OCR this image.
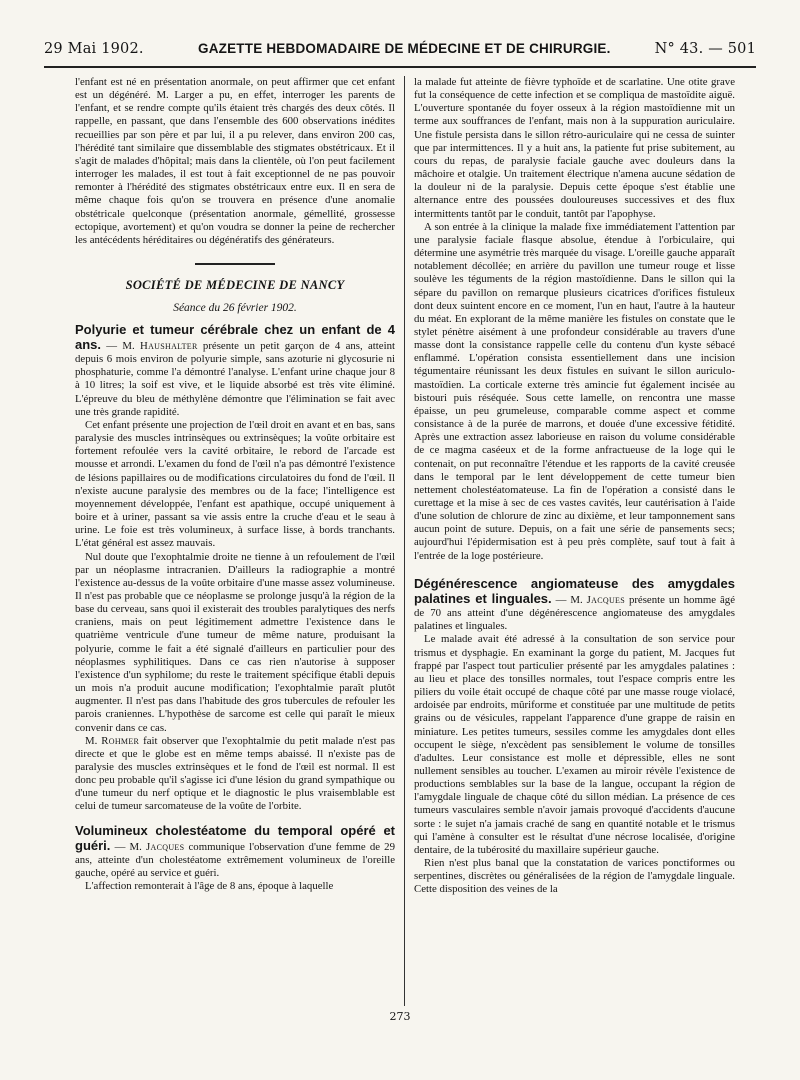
29 Mai 1902.	GAZETTE HEBDOMADAIRE DE MÉDECINE ET DE CHIRURGIE.	N° 43. — 501

l'enfant est né en présentation anormale, on peut affirmer que cet enfant est un dégénéré. M. Larger a pu, en effet, interroger les parents de l'enfant, et se rendre compte qu'ils étaient très chargés des deux côtés. Il rappelle, en passant, que dans l'ensemble des 600 observations inédites recueillies par son père et par lui, il a pu relever, dans environ 200 cas, l'hérédité tant similaire que dissemblable des stigmates obstétricaux. Et il s'agit de malades d'hôpital; mais dans la clientèle, où l'on peut facilement interroger les malades, il est tout à fait exceptionnel de ne pas pouvoir remonter à l'hérédité des stigmates obstétricaux entre eux. Il en sera de même chaque fois qu'on se trouvera en présence d'une anomalie obstétricale quelconque (présentation anormale, gémellité, grossesse ectopique, avortement) et qu'on voudra se donner la peine de rechercher les antécédents héréditaires ou dégénératifs des générateurs.

SOCIÉTÉ DE MÉDECINE DE NANCY
Séance du 26 février 1902.

Polyurie et tumeur cérébrale chez un enfant de 4 ans. — M. Haushalter présente un petit garçon de 4 ans, atteint depuis 6 mois environ de polyurie simple, sans azoturie ni glycosurie ni phosphaturie, comme l'a démontré l'analyse. L'enfant urine chaque jour 8 à 10 litres; la soif est vive, et le liquide absorbé est très vite éliminé. L'épreuve du bleu de méthylène démontre que l'élimination se fait avec une très grande rapidité.

Cet enfant présente une projection de l'œil droit en avant et en bas, sans paralysie des muscles intrinsèques ou extrinsèques; la voûte orbitaire est fortement refoulée vers la cavité orbitaire, le rebord de l'arcade est mousse et arrondi. L'examen du fond de l'œil n'a pas démontré l'existence de lésions papillaires ou de modifications circulatoires du fond de l'œil. Il n'existe aucune paralysie des membres ou de la face; l'intelligence est moyennement développée, l'enfant est apathique, occupé uniquement à boire et à uriner, passant sa vie assis entre la cruche d'eau et le seau à urine. Le foie est très volumineux, à surface lisse, à bords tranchants. L'état général est assez mauvais.

Nul doute que l'exophtalmie droite ne tienne à un refoulement de l'œil par un néoplasme intracranien. D'ailleurs la radiographie a montré l'existence au-dessus de la voûte orbitaire d'une masse assez volumineuse. Il n'est pas probable que ce néoplasme se prolonge jusqu'à la région de la base du cerveau, sans quoi il existerait des troubles paralytiques des nerfs craniens, mais on peut légitimement admettre l'existence dans le quatrième ventricule d'une tumeur de même nature, produisant la polyurie, comme le fait a été signalé d'ailleurs en particulier pour des néoplasmes syphilitiques. Dans ce cas rien n'autorise à supposer l'existence d'un syphilome; du reste le traitement spécifique établi depuis un mois n'a produit aucune modification; l'exophtalmie paraît plutôt augmenter. Il n'est pas dans l'habitude des gros tubercules de refouler les parois craniennes. L'hypothèse de sarcome est celle qui paraît le mieux convenir dans ce cas.

M. Rohmer fait observer que l'exophtalmie du petit malade n'est pas directe et que le globe est en même temps abaissé. Il n'existe pas de paralysie des muscles extrinsèques et le fond de l'œil est normal. Il est donc peu probable qu'il s'agisse ici d'une lésion du grand sympathique ou d'une tumeur du nerf optique et le diagnostic le plus vraisemblable est celui de tumeur sarcomateuse de la voûte de l'orbite.

Volumineux cholestéatome du temporal opéré et guéri. — M. Jacques communique l'observation d'une femme de 29 ans, atteinte d'un cholestéatome extrêmement volumineux de l'oreille gauche, opéré au service et guéri.

L'affection remonterait à l'âge de 8 ans, époque à laquelle

la malade fut atteinte de fièvre typhoïde et de scarlatine. Une otite grave fut la conséquence de cette infection et se compliqua de mastoïdite aiguë. L'ouverture spontanée du foyer osseux à la région mastoïdienne mit un terme aux souffrances de l'enfant, mais non à la suppuration auriculaire. Une fistule persista dans le sillon rétro-auriculaire qui ne cessa de suinter que par intermittences. Il y a huit ans, la patiente fut prise subitement, au cours du repas, de paralysie faciale gauche avec douleurs dans la mâchoire et otalgie. Un traitement électrique n'amena aucune sédation de la douleur ni de la paralysie. Depuis cette époque s'est établie une alternance entre des poussées douloureuses successives et des flux intermittents tantôt par le conduit, tantôt par l'apophyse.

A son entrée à la clinique la malade fixe immédiatement l'attention par une paralysie faciale flasque absolue, étendue à l'orbiculaire, qui détermine une asymétrie très marquée du visage. L'oreille gauche apparaît notablement décollée; en arrière du pavillon une tumeur rouge et lisse soulève les téguments de la région mastoïdienne. Dans le sillon qui la sépare du pavillon on remarque plusieurs cicatrices d'orifices fistuleux dont deux suintent encore en ce moment, l'un en haut, l'autre à la hauteur du méat. En explorant de la même manière les fistules on constate que le stylet pénètre aisément à une profondeur considérable au travers d'une masse dont la consistance rappelle celle du contenu d'un kyste sébacé enflammé. L'opération consista essentiellement dans une incision tégumentaire réunissant les deux fistules en suivant le sillon auriculo-mastoïdien. La corticale externe très amincie fut également incisée au bistouri puis réséquée. Sous cette lamelle, on rencontra une masse épaisse, un peu grumeleuse, comparable comme aspect et comme consistance à de la purée de marrons, et douée d'une excessive fétidité. Après une extraction assez laborieuse en raison du volume considérable de ce magma caséeux et de la forme anfractueuse de la loge qui le contenait, on put reconnaître l'étendue et les rapports de la cavité creusée dans le temporal par le lent développement de cette tumeur bien nettement cholestéatomateuse. La fin de l'opération a consisté dans le curettage et la mise à sec de ces vastes cavités, leur cautérisation à l'aide d'une solution de chlorure de zinc au dixième, et leur tamponnement sans aucun point de suture. Depuis, on a fait une série de pansements secs; aujourd'hui l'épidermisation est à peu près complète, sauf tout à fait à l'entrée de la loge postérieure.

Dégénérescence angiomateuse des amygdales palatines et linguales. — M. Jacques présente un homme âgé de 70 ans atteint d'une dégénérescence angiomateuse des amygdales palatines et linguales.

Le malade avait été adressé à la consultation de son service pour trismus et dysphagie. En examinant la gorge du patient, M. Jacques fut frappé par l'aspect tout particulier présenté par les amygdales palatines : au lieu et place des tonsilles normales, tout l'espace compris entre les piliers du voile était occupé de chaque côté par une masse rouge violacé, ardoisée par endroits, mûriforme et constituée par une multitude de petits grains ou de vésicules, rappelant l'apparence d'une grappe de raisin en miniature. Les petites tumeurs, sessiles comme les amygdales dont elles occupent le siège, n'excèdent pas sensiblement le volume de tonsilles d'adultes. Leur consistance est molle et dépressible, elles ne sont nullement sensibles au toucher. L'examen au miroir révèle l'existence de productions semblables sur la base de la langue, occupant la région de l'amygdale linguale de chaque côté du sillon médian. La présence de ces tumeurs vasculaires semble n'avoir jamais provoqué d'accidents d'aucune sorte : le sujet n'a jamais craché de sang en quantité notable et le trismus qui l'amène à consulter est le résultat d'une nécrose localisée, d'origine dentaire, de la tubérosité du maxillaire supérieur gauche.

Rien n'est plus banal que la constatation de varices ponctiformes ou serpentines, discrètes ou généralisées de la région de l'amygdale linguale. Cette disposition des veines de la

273
